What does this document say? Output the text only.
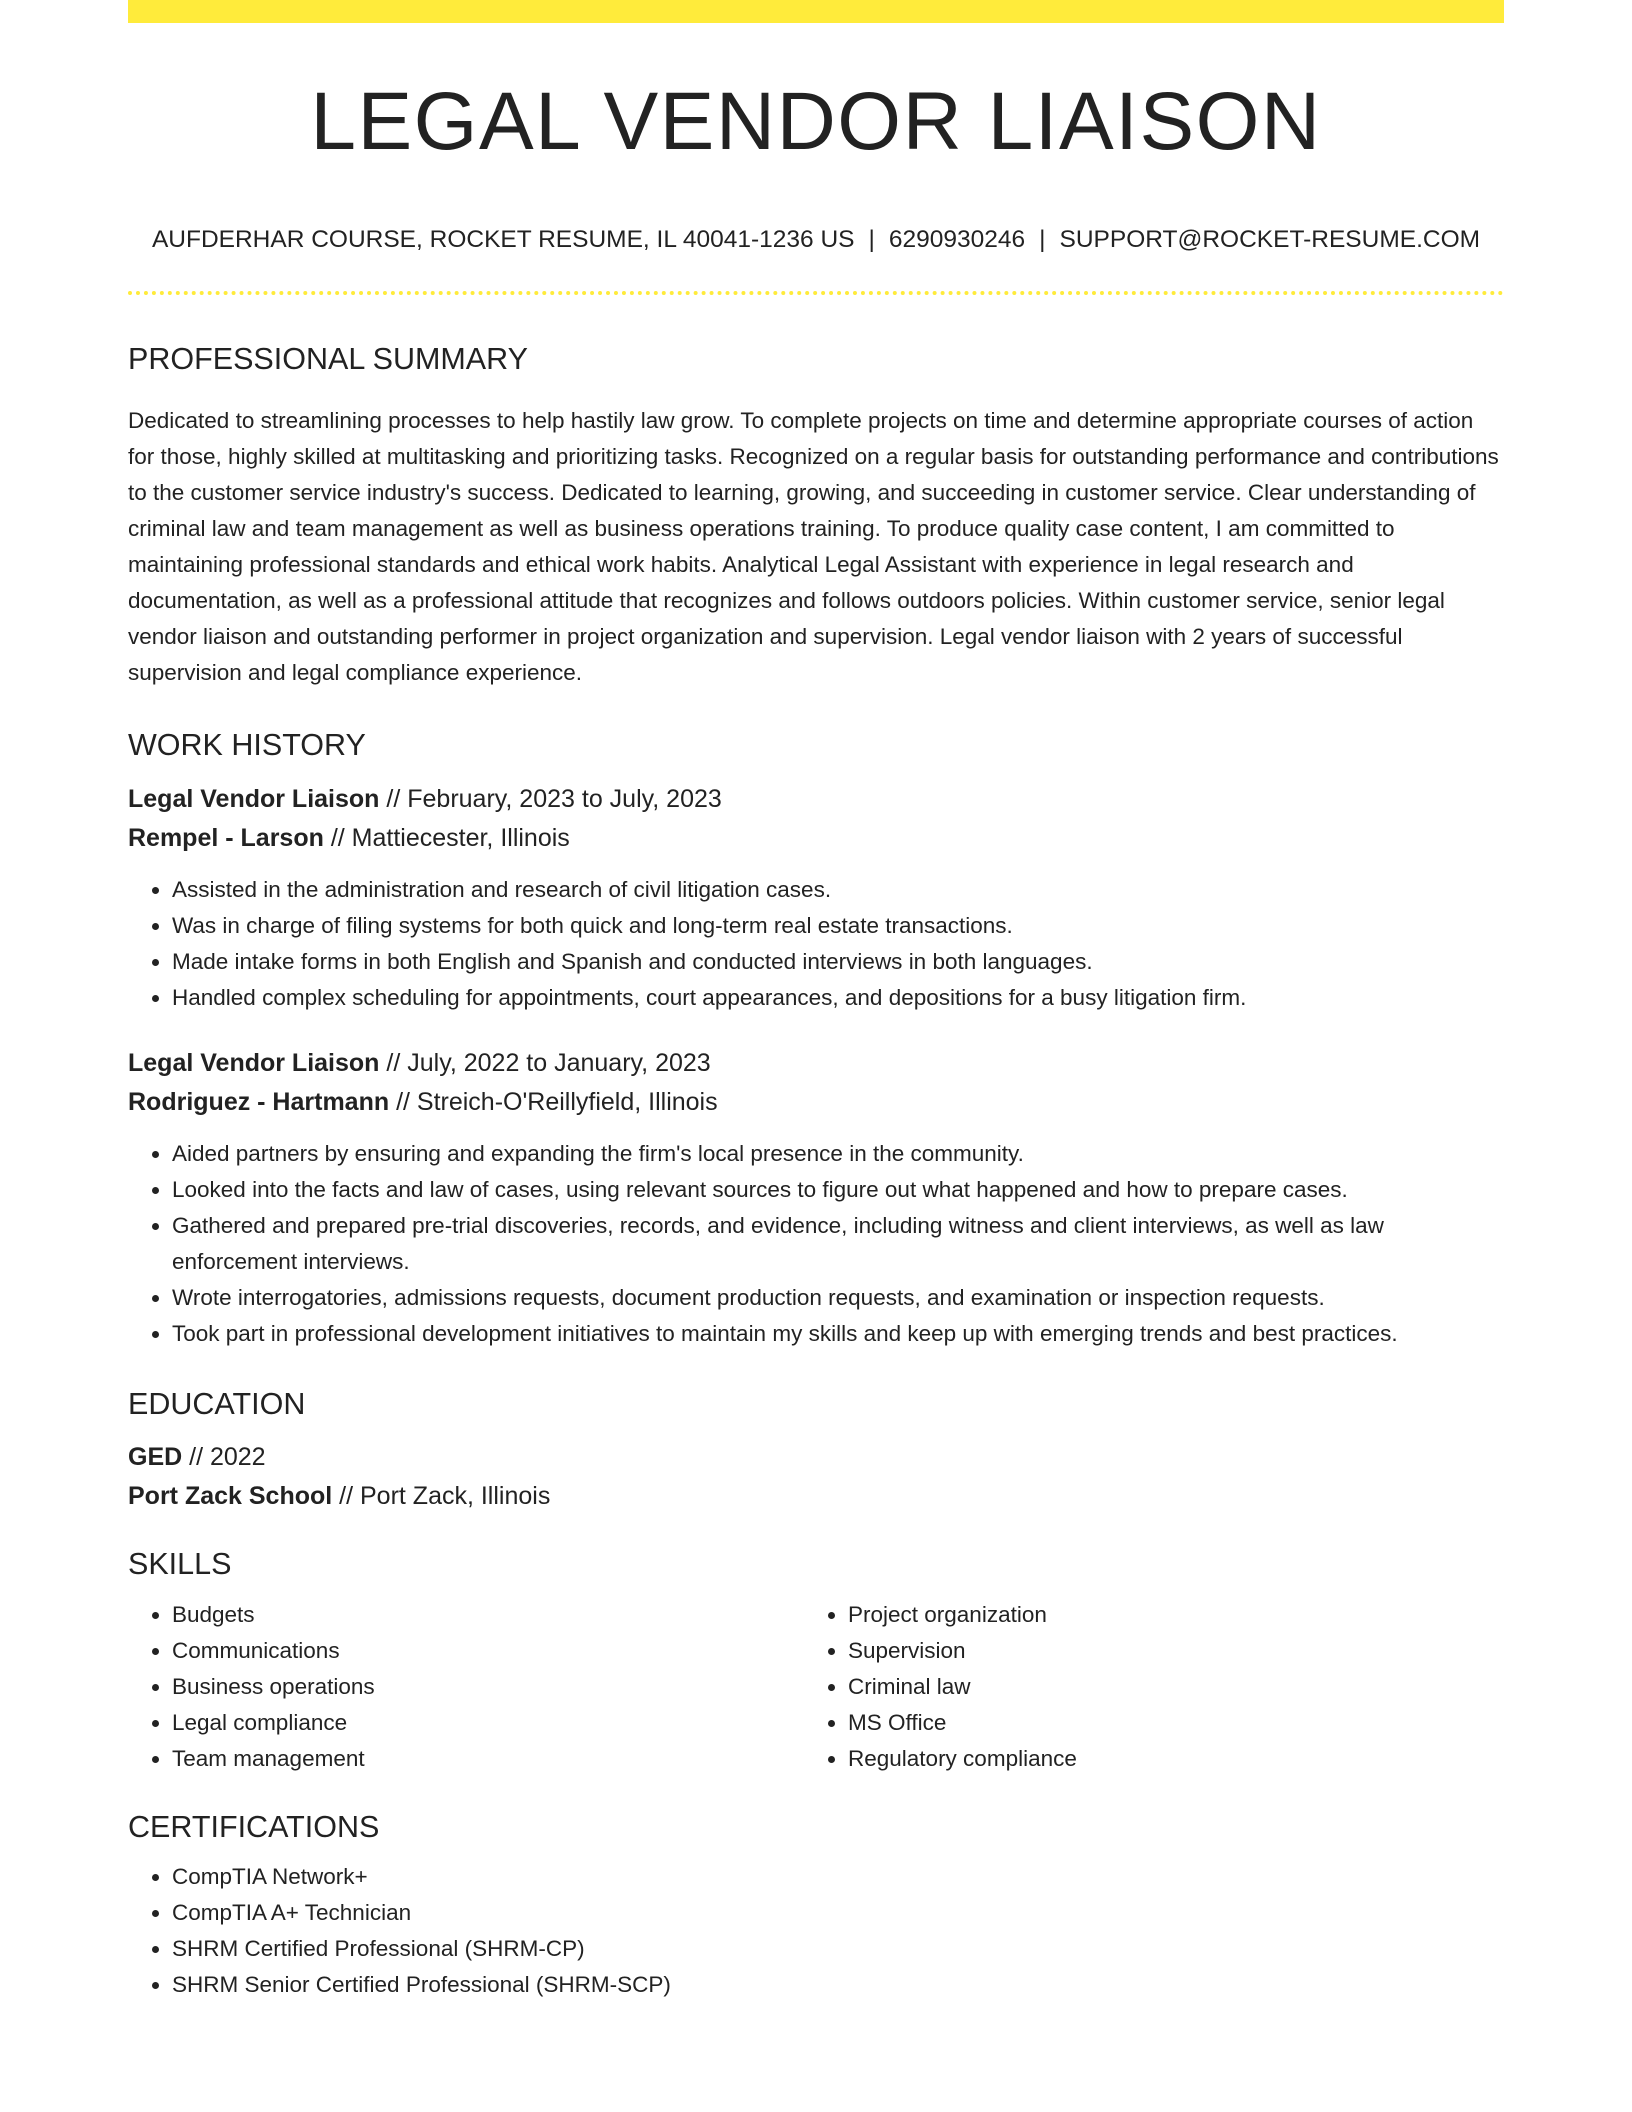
LEGAL VENDOR LIAISON
AUFDERHAR COURSE, ROCKET RESUME, IL 40041-1236 US | 6290930246 | SUPPORT@ROCKET-RESUME.COM
PROFESSIONAL SUMMARY
Dedicated to streamlining processes to help hastily law grow. To complete projects on time and determine appropriate courses of action for those, highly skilled at multitasking and prioritizing tasks. Recognized on a regular basis for outstanding performance and contributions to the customer service industry's success. Dedicated to learning, growing, and succeeding in customer service. Clear understanding of criminal law and team management as well as business operations training. To produce quality case content, I am committed to maintaining professional standards and ethical work habits. Analytical Legal Assistant with experience in legal research and documentation, as well as a professional attitude that recognizes and follows outdoors policies. Within customer service, senior legal vendor liaison and outstanding performer in project organization and supervision. Legal vendor liaison with 2 years of successful supervision and legal compliance experience.
WORK HISTORY
Legal Vendor Liaison // February, 2023 to July, 2023
Rempel - Larson // Mattiecester, Illinois
• Assisted in the administration and research of civil litigation cases.
• Was in charge of filing systems for both quick and long-term real estate transactions.
• Made intake forms in both English and Spanish and conducted interviews in both languages.
• Handled complex scheduling for appointments, court appearances, and depositions for a busy litigation firm.
Legal Vendor Liaison // July, 2022 to January, 2023
Rodriguez - Hartmann // Streich-O'Reillyfield, Illinois
• Aided partners by ensuring and expanding the firm's local presence in the community.
• Looked into the facts and law of cases, using relevant sources to figure out what happened and how to prepare cases.
• Gathered and prepared pre-trial discoveries, records, and evidence, including witness and client interviews, as well as law enforcement interviews.
• Wrote interrogatories, admissions requests, document production requests, and examination or inspection requests.
• Took part in professional development initiatives to maintain my skills and keep up with emerging trends and best practices.
EDUCATION
GED // 2022
Port Zack School // Port Zack, Illinois
SKILLS
• Budgets
• Communications
• Business operations
• Legal compliance
• Team management
• Project organization
• Supervision
• Criminal law
• MS Office
• Regulatory compliance
CERTIFICATIONS
• CompTIA Network+
• CompTIA A+ Technician
• SHRM Certified Professional (SHRM-CP)
• SHRM Senior Certified Professional (SHRM-SCP)
